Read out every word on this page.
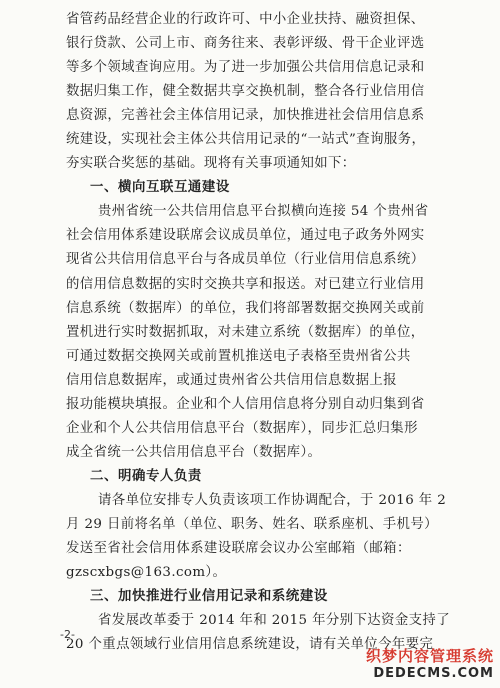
省管药品经营企业的行政许可、中小企业扶持、融资担保、
银行贷款、公司上市、商务往来、表彰评级、骨干企业评选
等多个领域查询应用。为了进一步加强公共信用信息记录和
数据归集工作，健全数据共享交换机制，整合各行业信用信
息资源，完善社会主体信用记录，加快推进社会信用信息系
统建设，实现社会主体公共信用记录的“一站式”查询服务，
夯实联合奖惩的基础。现将有关事项通知如下：
一、横向互联互通建设
贵州省统一公共信用信息平台拟横向连接 54 个贵州省
社会信用体系建设联席会议成员单位，通过电子政务外网实
现省公共信用信息平台与各成员单位（行业信用信息系统）
的信用信息数据的实时交换共享和报送。对已建立行业信用
信息系统（数据库）的单位，我们将部署数据交换网关或前
置机进行实时数据抓取，对未建立系统（数据库）的单位，
可通过数据交换网关或前置机推送电子表格至贵州省公共
信用信息数据库，或通过贵州省公共信用信息数据上报
报功能模块填报。企业和个人信用信息将分别自动归集到省
企业和个人公共信用信息平台（数据库），同步汇总归集形
成全省统一公共信用信息平台（数据库）。
二、明确专人负责
请各单位安排专人负责该项工作协调配合，于 2016 年 2
月 29 日前将名单（单位、职务、姓名、联系座机、手机号）
发送至省社会信用体系建设联席会议办公室邮箱（邮箱：
gzscxbgs@163.com）。
三、加快推进行业信用记录和系统建设
省发展改革委于 2014 年和 2015 年分别下达资金支持了
20 个重点领域行业信用信息系统建设，请有关单位今年要完
-2-
织梦内容管理系统
DEDECMS.COM
